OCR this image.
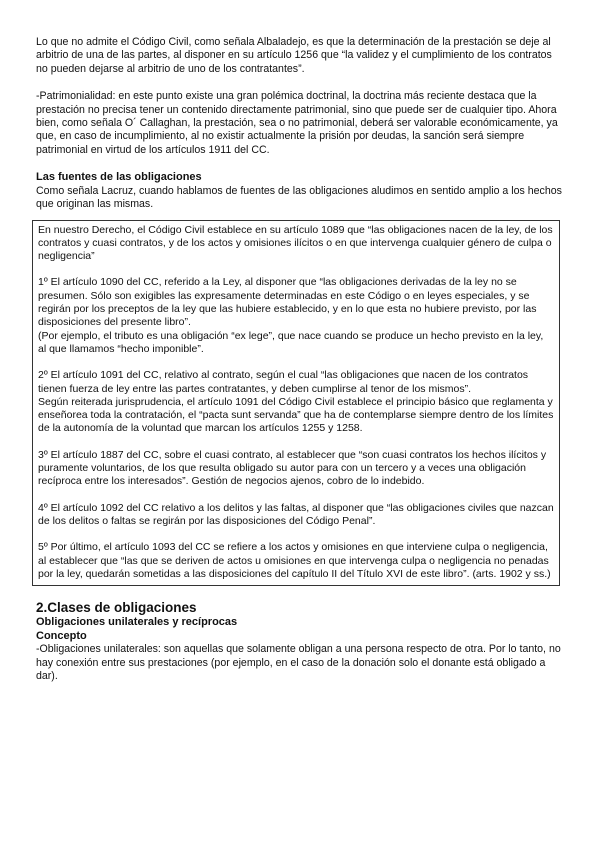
Lo que no admite el Código Civil, como señala Albaladejo, es que la determinación de la prestación se deje al arbitrio de una de las partes, al disponer en su artículo 1256 que “la validez y el cumplimiento de los contratos no pueden dejarse al arbitrio de uno de los contratantes”.

-Patrimonialidad: en este punto existe una gran polémica doctrinal, la doctrina más reciente destaca que la prestación no precisa tener un contenido directamente patrimonial, sino que puede ser de cualquier tipo. Ahora bien, como señala O´ Callaghan, la prestación, sea o no patrimonial, deberá ser valorable económicamente, ya que, en caso de incumplimiento, al no existir actualmente la prisión por deudas, la sanción será siempre patrimonial en virtud de los artículos 1911 del CC.

Las fuentes de las obligaciones

Como señala Lacruz, cuando hablamos de fuentes de las obligaciones aludimos en sentido amplio a los hechos que originan las mismas.

En nuestro Derecho, el Código Civil establece en su artículo 1089 que “las obligaciones nacen de la ley, de los contratos y cuasi contratos, y de los actos y omisiones ilícitos o en que intervenga cualquier género de culpa o negligencia”

1º El artículo 1090 del CC, referido a la Ley, al disponer que “las obligaciones derivadas de la ley no se presumen. Sólo son exigibles las expresamente determinadas en este Código o en leyes especiales, y se regirán por los preceptos de la ley que las hubiere establecido, y en lo que esta no hubiere previsto, por las disposiciones del presente libro”.

(Por ejemplo, el tributo es una obligación “ex lege”, que nace cuando se produce un hecho previsto en la ley, al que llamamos “hecho imponible”.

2º El artículo 1091 del CC, relativo al contrato, según el cual “las obligaciones que nacen de los contratos tienen fuerza de ley entre las partes contratantes, y deben cumplirse al tenor de los mismos”.

Según reiterada jurisprudencia, el artículo 1091 del Código Civil establece el principio básico que reglamenta y enseñorea toda la contratación, el “pacta sunt servanda” que ha de contemplarse siempre dentro de los límites de la autonomía de la voluntad que marcan los artículos 1255 y 1258.

3º El artículo 1887 del CC, sobre el cuasi contrato, al establecer que “son cuasi contratos los hechos ilícitos y puramente voluntarios, de los que resulta obligado su autor para con un tercero y a veces una obligación recíproca entre los interesados”. Gestión de negocios ajenos, cobro de lo indebido.

4º El artículo 1092 del CC relativo a los delitos y las faltas, al disponer que “las obligaciones civiles que nazcan de los delitos o faltas se regirán por las disposiciones del Código Penal”.

5º Por último, el artículo 1093 del CC se refiere a los actos y omisiones en que interviene culpa o negligencia, al establecer que “las que se deriven de actos u omisiones en que intervenga culpa o negligencia no penadas por la ley, quedarán sometidas a las disposiciones del capítulo II del Título XVI de este libro”. (arts. 1902 y ss.)

2.Clases de obligaciones
Obligaciones unilaterales y recíprocas
Concepto

-Obligaciones unilaterales: son aquellas que solamente obligan a una persona respecto de otra. Por lo tanto, no hay conexión entre sus prestaciones (por ejemplo, en el caso de la donación solo el donante está obligado a dar).
